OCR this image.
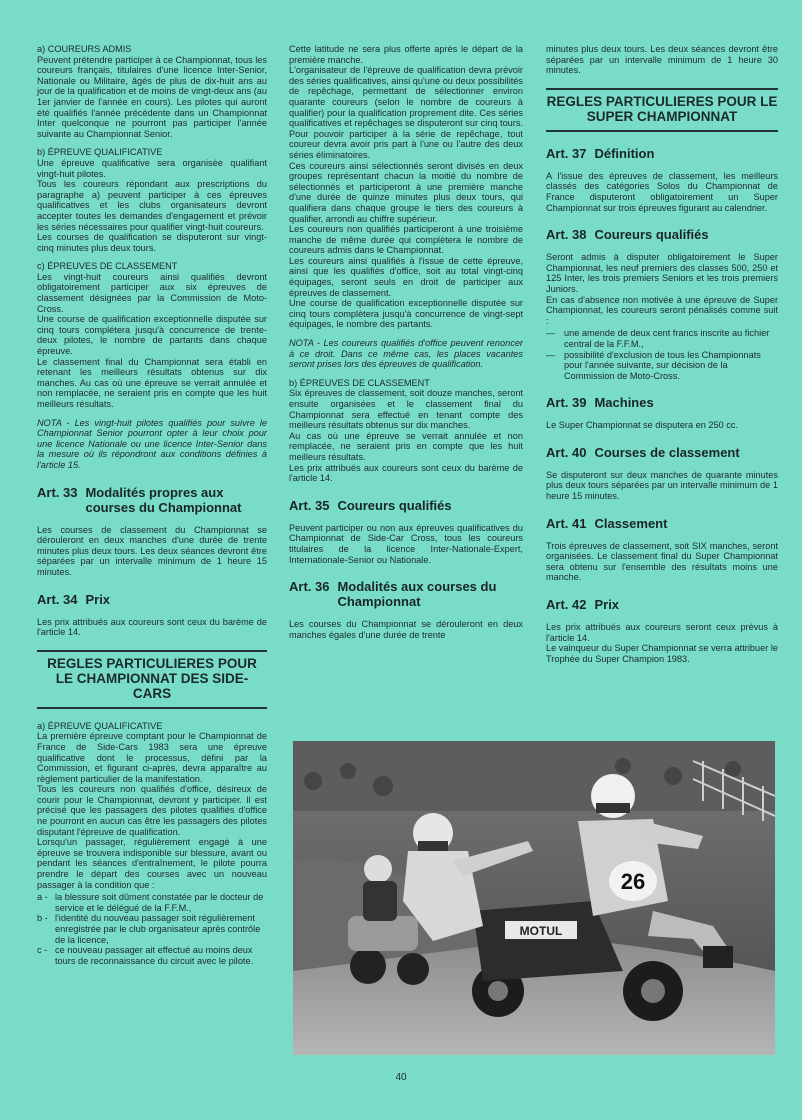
a) COUREURS ADMIS

Peuvent prétendre participer à ce Championnat, tous les coureurs français, titulaires d'une licence Inter-Senior, Nationale ou Militaire, âgés de plus de dix-huit ans au jour de la qualification et de moins de vingt-deux ans (au 1er janvier de l'année en cours). Les pilotes qui auront été qualifiés l'année précédente dans un Championnat Inter quelconque ne pourront pas participer l'année suivante au Championnat Senior.

b) ÉPREUVE QUALIFICATIVE

Une épreuve qualificative sera organisée qualifiant vingt-huit pilotes.
Tous les coureurs répondant aux prescriptions du paragraphe a) peuvent participer à ces épreuves qualificatives et les clubs organisateurs devront accepter toutes les demandes d'engagement et prévoir les séries nécessaires pour qualifier vingt-huit coureurs.
Les courses de qualification se disputeront sur vingt-cinq minutes plus deux tours.

c) ÉPREUVES DE CLASSEMENT

Les vingt-huit coureurs ainsi qualifiés devront obligatoirement participer aux six épreuves de classement désignées par la Commission de Moto-Cross.
Une course de qualification exceptionnelle disputée sur cinq tours complétera jusqu'à concurrence de trente-deux pilotes, le nombre de partants dans chaque épreuve.
Le classement final du Championnat sera établi en retenant les meilleurs résultats obtenus sur dix manches. Au cas où une épreuve se verrait annulée et non remplacée, ne seraient pris en compte que les huit meilleurs résultats.

NOTA - Les vingt-huit pilotes qualifiés pour suivre le Championnat Senior pourront opter à leur choix pour une licence Nationale ou une licence Inter-Senior dans la mesure où ils répondront aux conditions définies à l'article 15.

Art. 33 Modalités propres aux courses du Championnat

Les courses de classement du Championnat se dérouleront en deux manches d'une durée de trente minutes plus deux tours. Les deux séances devront être séparées par un intervalle minimum de 1 heure 15 minutes.

Art. 34 Prix

Les prix attribués aux coureurs sont ceux du barème de l'article 14.

REGLES PARTICULIERES POUR LE CHAMPIONNAT DES SIDE-CARS

a) ÉPREUVE QUALIFICATIVE

La première épreuve comptant pour le Championnat de France de Side-Cars 1983 sera une épreuve qualificative dont le processus, défini par la Commission, et figurant ci-après, devra apparaître au règlement particulier de la manifestation.
Tous les coureurs non qualifiés d'office, désireux de courir pour le Championnat, devront y participer. Il est précisé que les passagers des pilotes qualifiés d'office ne pourront en aucun cas être les passagers des pilotes disputant l'épreuve de qualification.
Lorsqu'un passager, régulièrement engagé à une épreuve se trouvera indisponible sur blessure, avant ou pendant les séances d'entraînement, le pilote pourra prendre le départ des courses avec un nouveau passager à la condition que :

a - la blessure soit dûment constatée par le docteur de service et le délégué de la F.F.M.,
b - l'identité du nouveau passager soit régulièrement enregistrée par le club organisateur après contrôle de la licence,
c - ce nouveau passager ait effectué au moins deux tours de reconnaissance du circuit avec le pilote.

Cette latitude ne sera plus offerte après le départ de la première manche.
L'organisateur de l'épreuve de qualification devra prévoir des séries qualificatives, ainsi qu'une ou deux possibilités de repêchage, permettant de sélectionner environ quarante coureurs (selon le nombre de coureurs à qualifier) pour la qualification proprement dite. Ces séries qualificatives et repêchages se disputeront sur cinq tours. Pour pouvoir participer à la série de repêchage, tout coureur devra avoir pris part à l'une ou l'autre des deux séries éliminatoires.
Ces coureurs ainsi sélectionnés seront divisés en deux groupes représentant chacun la moitié du nombre de sélectionnés et participeront à une première manche d'une durée de quinze minutes plus deux tours, qui qualifiera dans chaque groupe le tiers des coureurs à qualifier, arrondi au chiffre supérieur.
Les coureurs non qualifiés participeront à une troisième manche de même durée qui complètera le nombre de coureurs admis dans le Championnat.
Les coureurs ainsi qualifiés à l'issue de cette épreuve, ainsi que les qualifiés d'office, soit au total vingt-cinq équipages, seront seuls en droit de participer aux épreuves de classement.
Une course de qualification exceptionnelle disputée sur cinq tours complètera jusqu'à concurrence de vingt-sept équipages, le nombre des partants.

NOTA - Les coureurs qualifiés d'office peuvent renoncer à ce droit. Dans ce même cas, les places vacantes seront prises lors des épreuves de qualification.

b) ÉPREUVES DE CLASSEMENT

Six épreuves de classement, soit douze manches, seront ensuite organisées et le classement final du Championnat sera effectué en tenant compte des meilleurs résultats obtenus sur dix manches.
Au cas où une épreuve se verrait annulée et non remplacée, ne seraient pris en compte que les huit meilleurs résultats.
Les prix attribués aux coureurs sont ceux du barème de l'article 14.

Art. 35 Coureurs qualifiés

Peuvent participer ou non aux épreuves qualificatives du Championnat de Side-Car Cross, tous les coureurs titulaires de la licence Inter-Nationale-Expert, Internationale-Senior ou Nationale.

Art. 36 Modalités aux courses du Championnat

Les courses du Championnat se dérouleront en deux manches égales d'une durée de trente

minutes plus deux tours. Les deux séances devront être séparées par un intervalle minimum de 1 heure 30 minutes.

REGLES PARTICULIERES POUR LE SUPER CHAMPIONNAT
Art. 37 Définition

A l'issue des épreuves de classement, les meilleurs classés des catégories Solos du Championnat de France disputeront obligatoirement un Super Championnat sur trois épreuves figurant au calendrier.

Art. 38 Coureurs qualifiés

Seront admis à disputer obligatoirement le Super Championnat, les neuf premiers des classes 500, 250 et 125 Inter, les trois premiers Seniors et les trois premiers Juniors.
En cas d'absence non motivée à une épreuve de Super Championnat, les coureurs seront pénalisés comme suit :

— une amende de deux cent francs inscrite au fichier central de la F.F.M.,
— possibilité d'exclusion de tous les Championnats pour l'année suivante, sur décision de la Commission de Moto-Cross.
Art. 39 Machines

Le Super Championnat se disputera en 250 cc.

Art. 40 Courses de classement

Se disputeront sur deux manches de quarante minutes plus deux tours séparées par un intervalle minimum de 1 heure 15 minutes.

Art. 41 Classement

Trois épreuves de classement, soit SIX manches, seront organisées. Le classement final du Super Championnat sera obtenu sur l'ensemble des résultats moins une manche.

Art. 42 Prix

Les prix attribués aux coureurs seront ceux prévus à l'article 14.
Le vainqueur du Super Championnat se verra attribuer le Trophée du Super Champion 1983.

MOTUL
26
40
